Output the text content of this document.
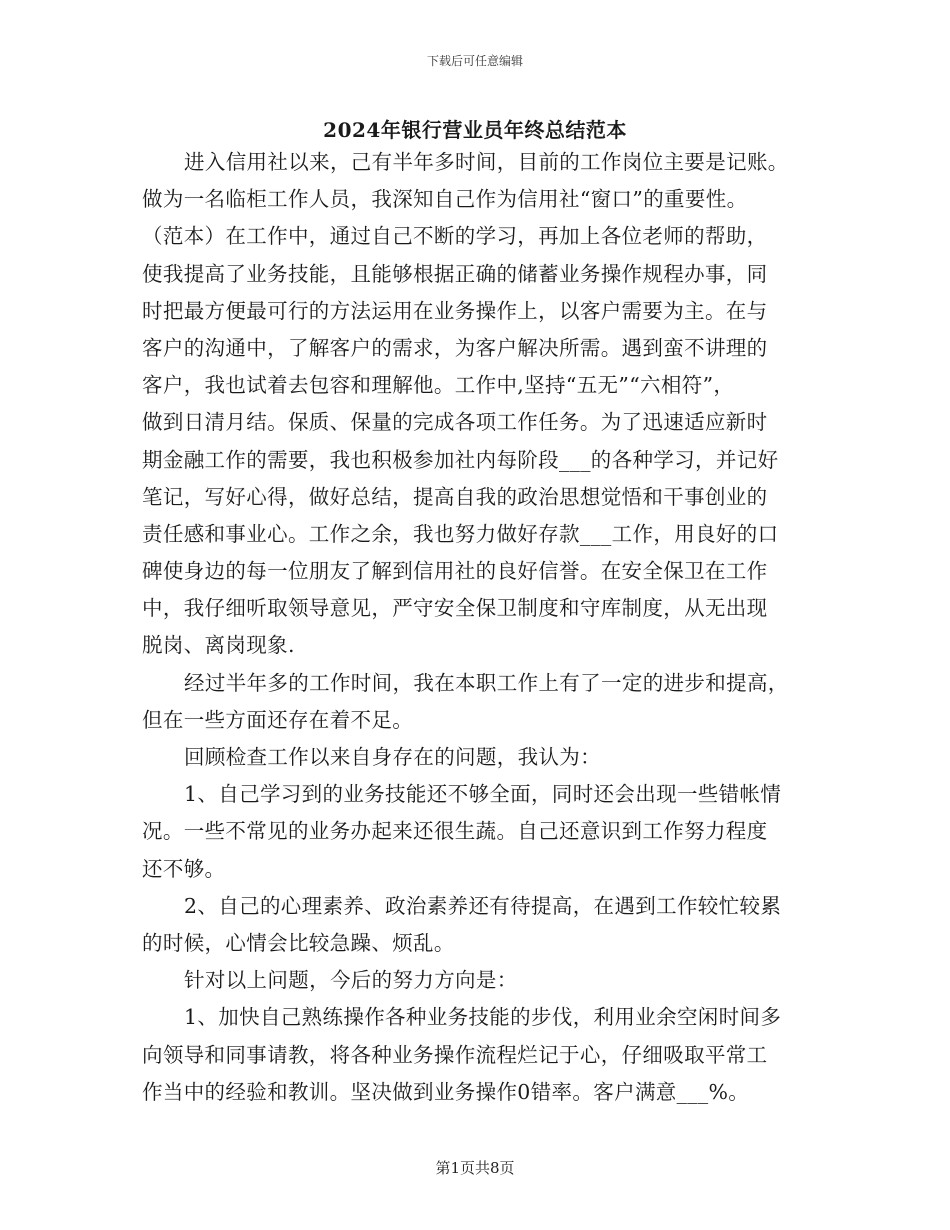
下载后可任意编辑
2024年银行营业员年终总结范本
进入信用社以来，己有半年多时间，目前的工作岗位主要是记账。
做为一名临柜工作人员，我深知自己作为信用社“窗口”的重要性。
（范本）在工作中，通过自己不断的学习，再加上各位老师的帮助，
使我提高了业务技能，且能够根据正确的储蓄业务操作规程办事，同
时把最方便最可行的方法运用在业务操作上，以客户需要为主。在与
客户的沟通中，了解客户的需求，为客户解决所需。遇到蛮不讲理的
客户，我也试着去包容和理解他。工作中,坚持“五无”“六相符”，
做到日清月结。保质、保量的完成各项工作任务。为了迅速适应新时
期金融工作的需要，我也积极参加社内每阶段___的各种学习，并记好
笔记，写好心得，做好总结，提高自我的政治思想觉悟和干事创业的
责任感和事业心。工作之余，我也努力做好存款___工作，用良好的口
碑使身边的每一位朋友了解到信用社的良好信誉。在安全保卫在工作
中，我仔细听取领导意见，严守安全保卫制度和守库制度，从无出现
脱岗、离岗现象.
经过半年多的工作时间，我在本职工作上有了一定的进步和提高，
但在一些方面还存在着不足。
回顾检查工作以来自身存在的问题，我认为：
1、自己学习到的业务技能还不够全面，同时还会出现一些错帐情
况。一些不常见的业务办起来还很生蔬。自己还意识到工作努力程度
还不够。
2、自己的心理素养、政治素养还有待提高，在遇到工作较忙较累
的时候，心情会比较急躁、烦乱。
针对以上问题，今后的努力方向是：
1、加快自己熟练操作各种业务技能的步伐，利用业余空闲时间多
向领导和同事请教，将各种业务操作流程烂记于心，仔细吸取平常工
作当中的经验和教训。坚决做到业务操作0错率。客户满意___%。
第1页共8页
